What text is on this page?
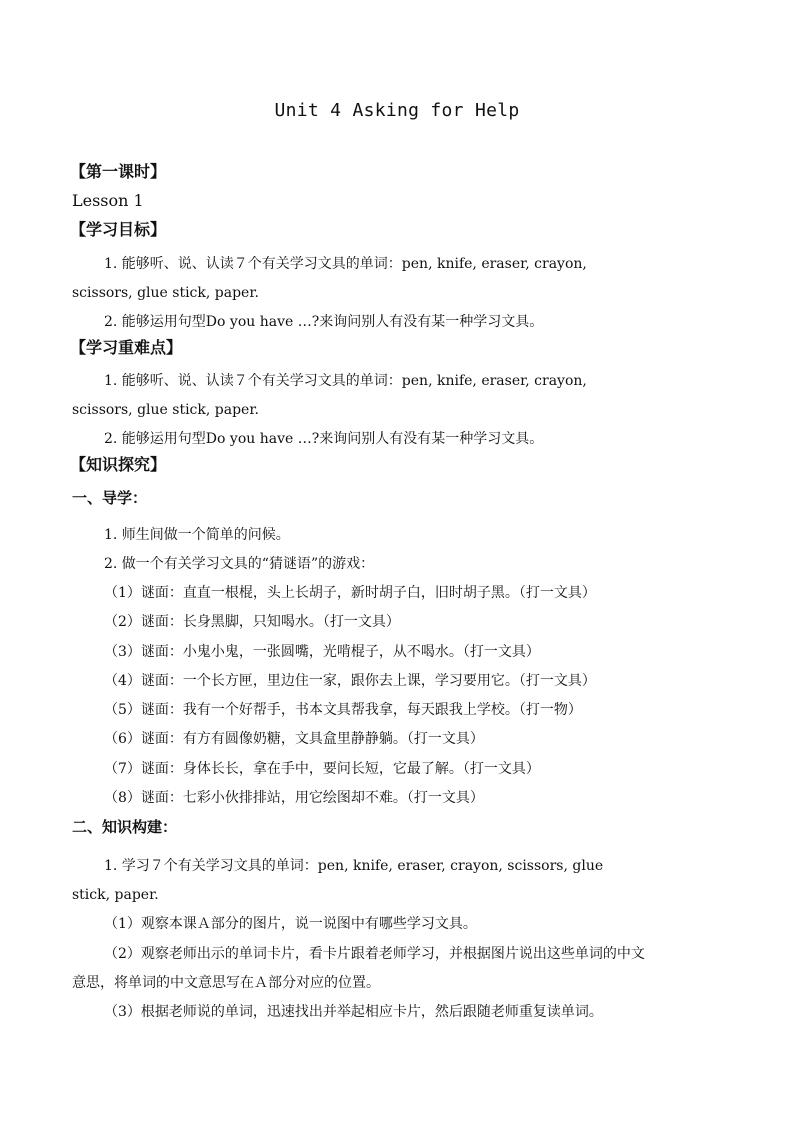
Unit 4 Asking for Help
【第一课时】
Lesson 1
【学习目标】
1. 能够听、说、认读７个有关学习文具的单词：pen, knife, eraser, crayon,
scissors, glue stick, paper.
2. 能够运用句型Do you have …?来询问别人有没有某一种学习文具。
【学习重难点】
1. 能够听、说、认读７个有关学习文具的单词：pen, knife, eraser, crayon,
scissors, glue stick, paper.
2. 能够运用句型Do you have …?来询问别人有没有某一种学习文具。
【知识探究】
一、导学：
1. 师生间做一个简单的问候。
2. 做一个有关学习文具的“猜谜语”的游戏：
（1）谜面：直直一根棍，头上长胡子，新时胡子白，旧时胡子黑。（打一文具）
（2）谜面：长身黑脚，只知喝水。（打一文具）
（3）谜面：小鬼小鬼，一张圆嘴，光啃棍子，从不喝水。（打一文具）
（4）谜面：一个长方匣，里边住一家，跟你去上课，学习要用它。（打一文具）
（5）谜面：我有一个好帮手，书本文具帮我拿，每天跟我上学校。（打一物）
（6）谜面：有方有圆像奶糖，文具盒里静静躺。（打一文具）
（7）谜面：身体长长，拿在手中，要问长短，它最了解。（打一文具）
（8）谜面：七彩小伙排排站，用它绘图却不难。（打一文具）
二、知识构建：
1. 学习７个有关学习文具的单词：pen, knife, eraser, crayon, scissors, glue
stick, paper.
（1）观察本课Ａ部分的图片，说一说图中有哪些学习文具。
（2）观察老师出示的单词卡片，看卡片跟着老师学习，并根据图片说出这些单词的中文
意思，将单词的中文意思写在Ａ部分对应的位置。
（3）根据老师说的单词，迅速找出并举起相应卡片，然后跟随老师重复读单词。
